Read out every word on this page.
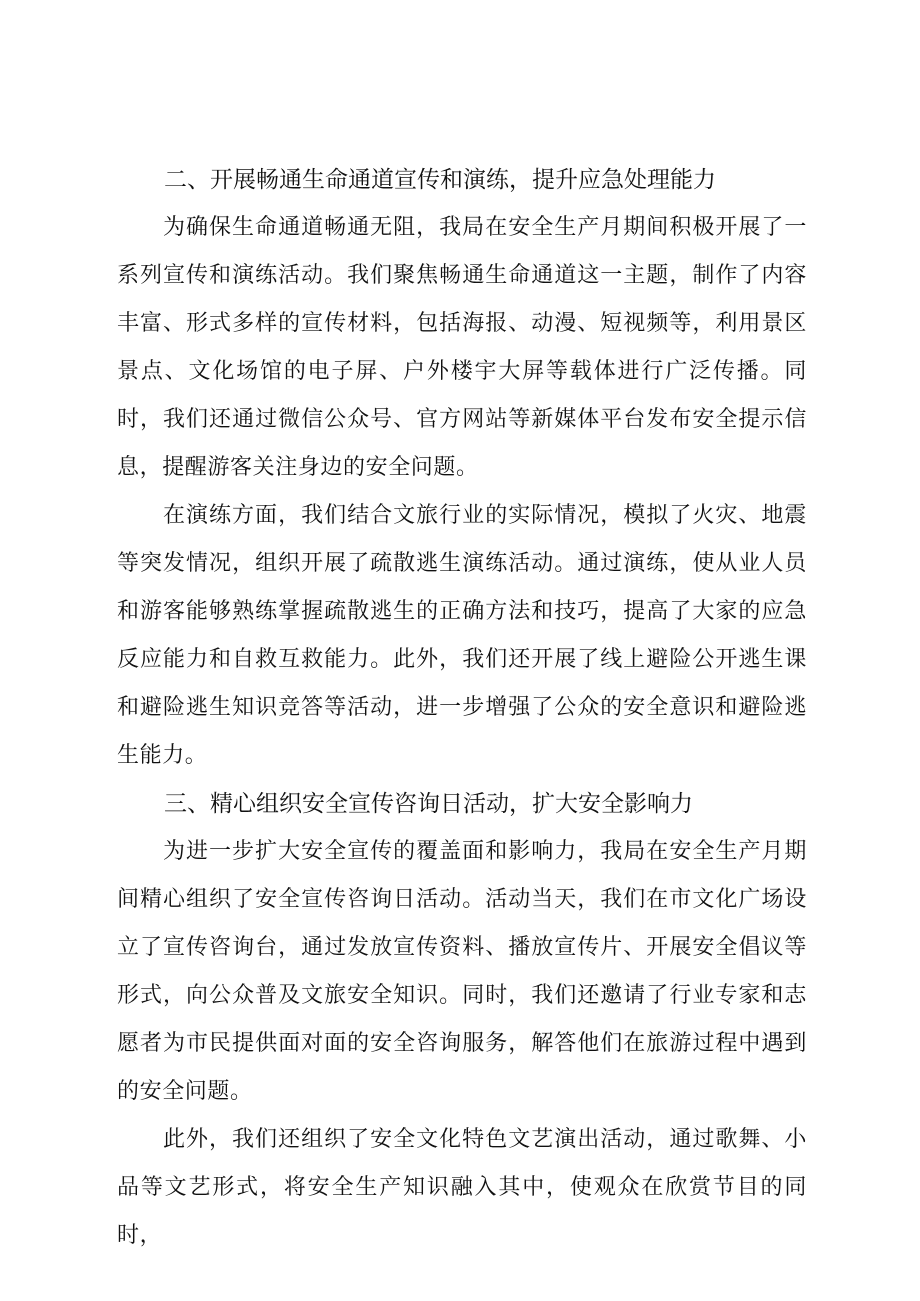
二、开展畅通生命通道宣传和演练，提升应急处理能力

为确保生命通道畅通无阻，我局在安全生产月期间积极开展了一系列宣传和演练活动。我们聚焦畅通生命通道这一主题，制作了内容丰富、形式多样的宣传材料，包括海报、动漫、短视频等，利用景区景点、文化场馆的电子屏、户外楼宇大屏等载体进行广泛传播。同时，我们还通过微信公众号、官方网站等新媒体平台发布安全提示信息，提醒游客关注身边的安全问题。

在演练方面，我们结合文旅行业的实际情况，模拟了火灾、地震等突发情况，组织开展了疏散逃生演练活动。通过演练，使从业人员和游客能够熟练掌握疏散逃生的正确方法和技巧，提高了大家的应急反应能力和自救互救能力。此外，我们还开展了线上避险公开逃生课和避险逃生知识竞答等活动，进一步增强了公众的安全意识和避险逃生能力。

三、精心组织安全宣传咨询日活动，扩大安全影响力

为进一步扩大安全宣传的覆盖面和影响力，我局在安全生产月期间精心组织了安全宣传咨询日活动。活动当天，我们在市文化广场设立了宣传咨询台，通过发放宣传资料、播放宣传片、开展安全倡议等形式，向公众普及文旅安全知识。同时，我们还邀请了行业专家和志愿者为市民提供面对面的安全咨询服务，解答他们在旅游过程中遇到的安全问题。

此外，我们还组织了安全文化特色文艺演出活动，通过歌舞、小品等文艺形式，将安全生产知识融入其中，使观众在欣赏节目的同时，
